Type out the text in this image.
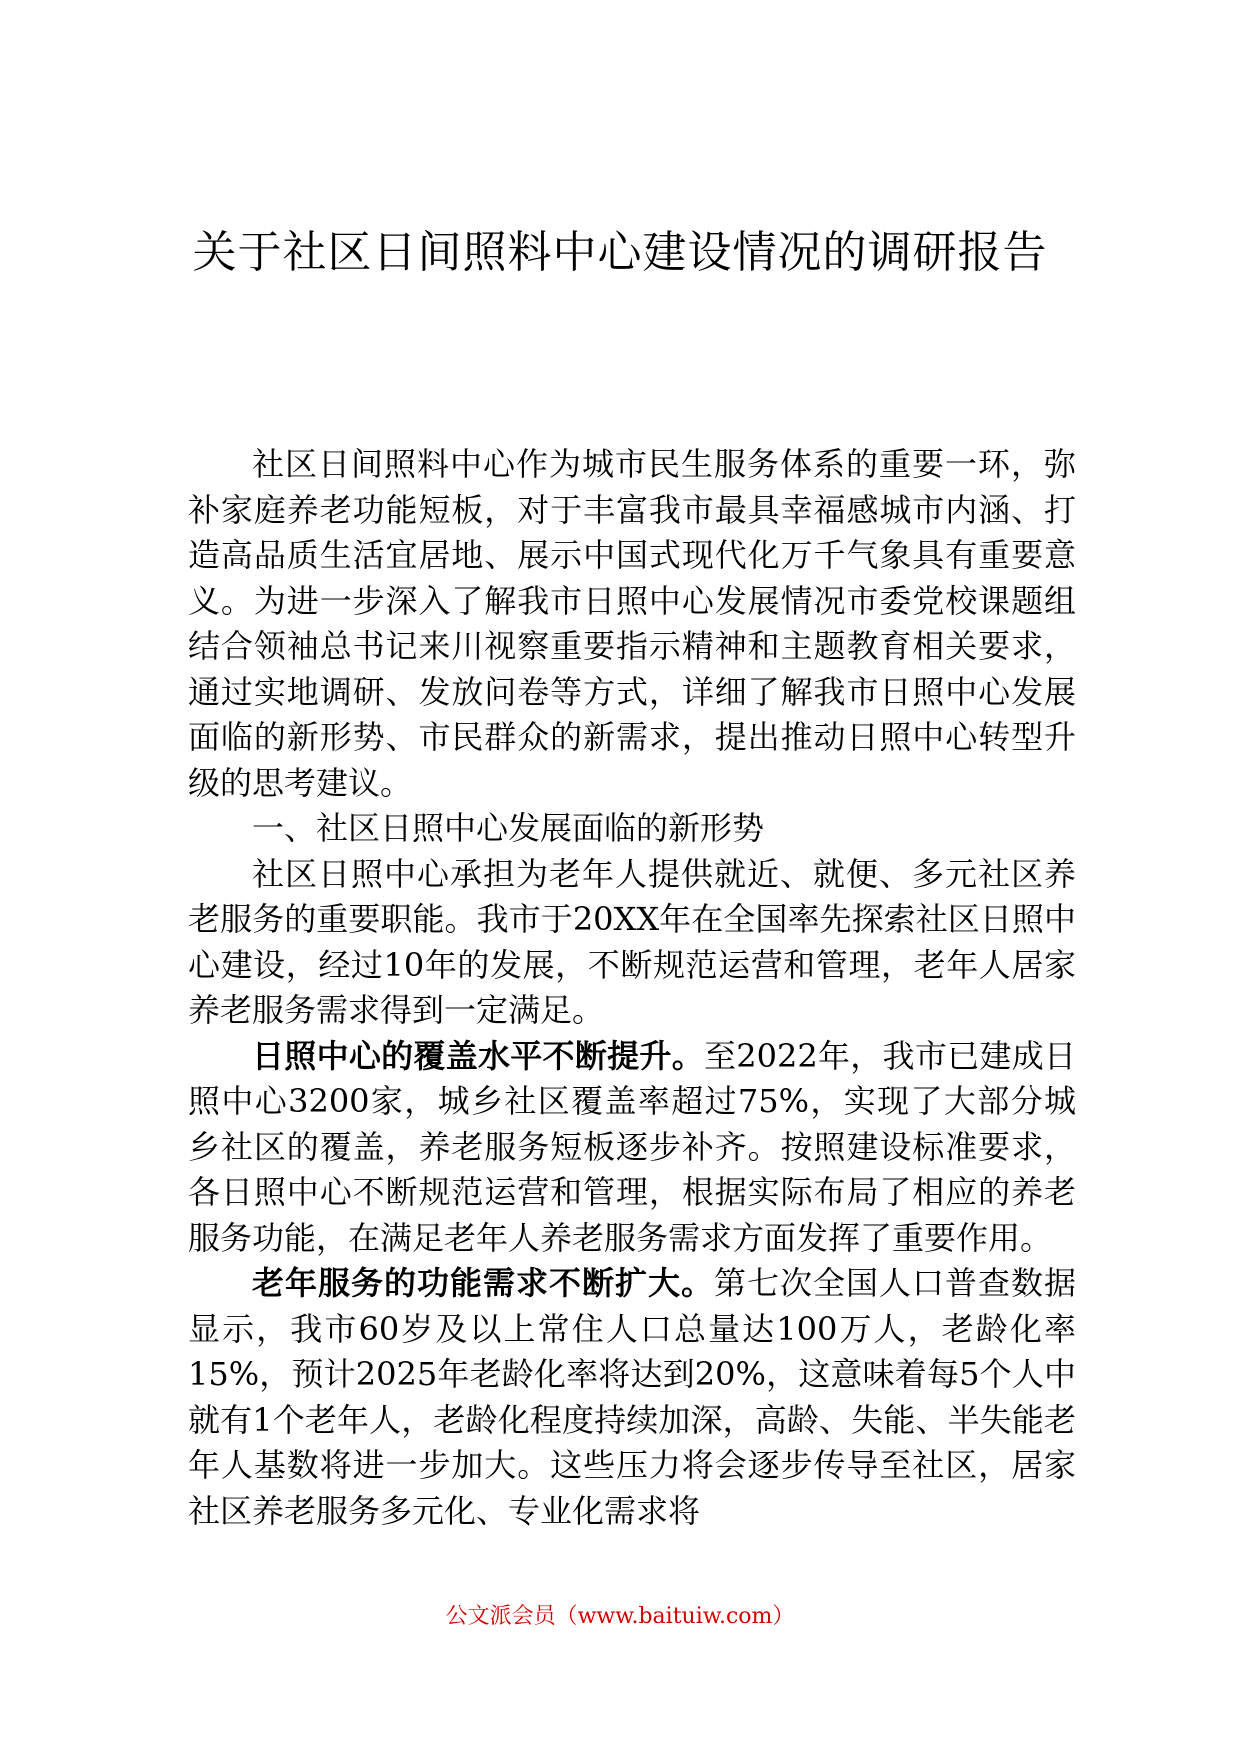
关于社区日间照料中心建设情况的调研报告

社区日间照料中心作为城市民生服务体系的重要一环，弥补家庭养老功能短板，对于丰富我市最具幸福感城市内涵、打造高品质生活宜居地、展示中国式现代化万千气象具有重要意义。为进一步深入了解我市日照中心发展情况市委党校课题组结合领袖总书记来川视察重要指示精神和主题教育相关要求，通过实地调研、发放问卷等方式，详细了解我市日照中心发展面临的新形势、市民群众的新需求，提出推动日照中心转型升级的思考建议。

一、社区日照中心发展面临的新形势

社区日照中心承担为老年人提供就近、就便、多元社区养老服务的重要职能。我市于20XX年在全国率先探索社区日照中心建设，经过10年的发展，不断规范运营和管理，老年人居家养老服务需求得到一定满足。

日照中心的覆盖水平不断提升。至2022年，我市已建成日照中心3200家，城乡社区覆盖率超过75%，实现了大部分城乡社区的覆盖，养老服务短板逐步补齐。按照建设标准要求，各日照中心不断规范运营和管理，根据实际布局了相应的养老服务功能，在满足老年人养老服务需求方面发挥了重要作用。

老年服务的功能需求不断扩大。第七次全国人口普查数据显示，我市60岁及以上常住人口总量达100万人，老龄化率15%，预计2025年老龄化率将达到20%，这意味着每5个人中就有1个老年人，老龄化程度持续加深，高龄、失能、半失能老年人基数将进一步加大。这些压力将会逐步传导至社区，居家社区养老服务多元化、专业化需求将

公文派会员（www.baituiw.com）
